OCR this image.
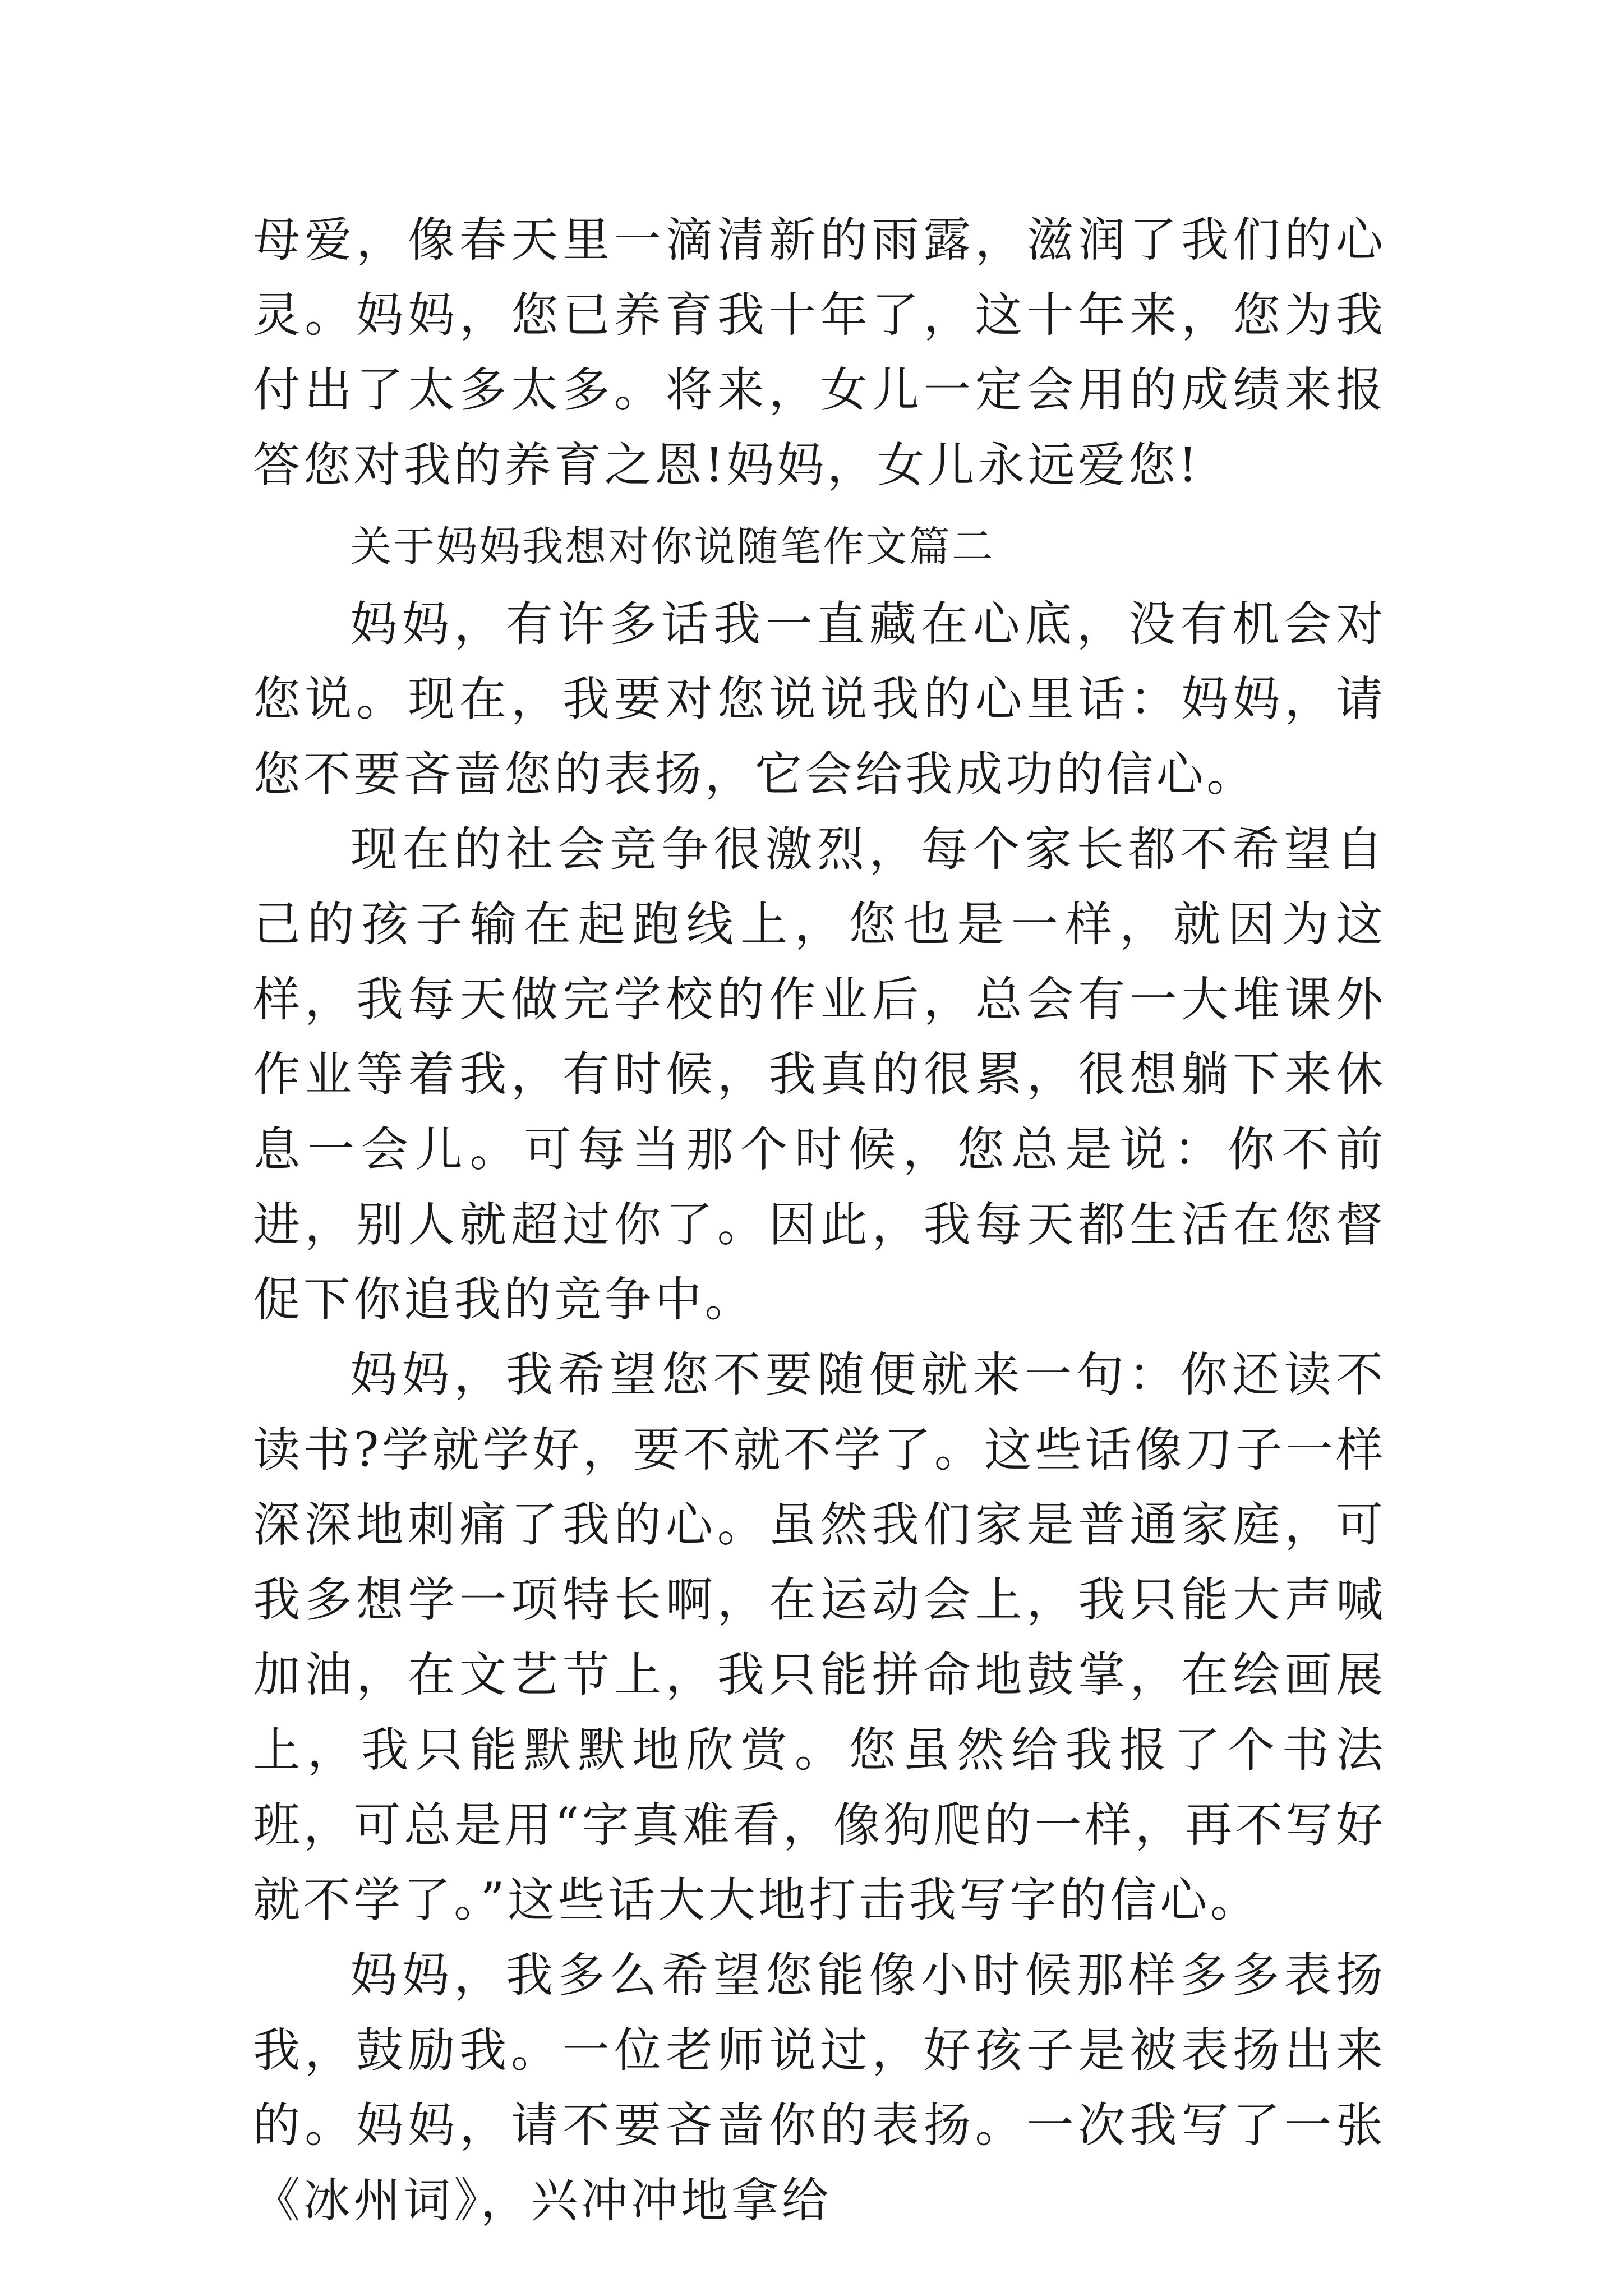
母爱，像春天里一滴清新的雨露，滋润了我们的心灵。妈妈，您已养育我十年了，这十年来，您为我付出了太多太多。将来，女儿一定会用的成绩来报答您对我的养育之恩!妈妈，女儿永远爱您!

关于妈妈我想对你说随笔作文篇二

妈妈，有许多话我一直藏在心底，没有机会对您说。现在，我要对您说说我的心里话：妈妈，请您不要吝啬您的表扬，它会给我成功的信心。

现在的社会竞争很激烈，每个家长都不希望自己的孩子输在起跑线上，您也是一样，就因为这样，我每天做完学校的作业后，总会有一大堆课外作业等着我，有时候，我真的很累，很想躺下来休息一会儿。可每当那个时候，您总是说：你不前进，别人就超过你了。因此，我每天都生活在您督促下你追我的竞争中。

妈妈，我希望您不要随便就来一句：你还读不读书?学就学好，要不就不学了。这些话像刀子一样深深地刺痛了我的心。虽然我们家是普通家庭，可我多想学一项特长啊，在运动会上，我只能大声喊加油，在文艺节上，我只能拼命地鼓掌，在绘画展上，我只能默默地欣赏。您虽然给我报了个书法班，可总是用“字真难看，像狗爬的一样，再不写好就不学了。”这些话大大地打击我写字的信心。

妈妈，我多么希望您能像小时候那样多多表扬我，鼓励我。一位老师说过，好孩子是被表扬出来的。妈妈，请不要吝啬你的表扬。一次我写了一张《冰州词》，兴冲冲地拿给
